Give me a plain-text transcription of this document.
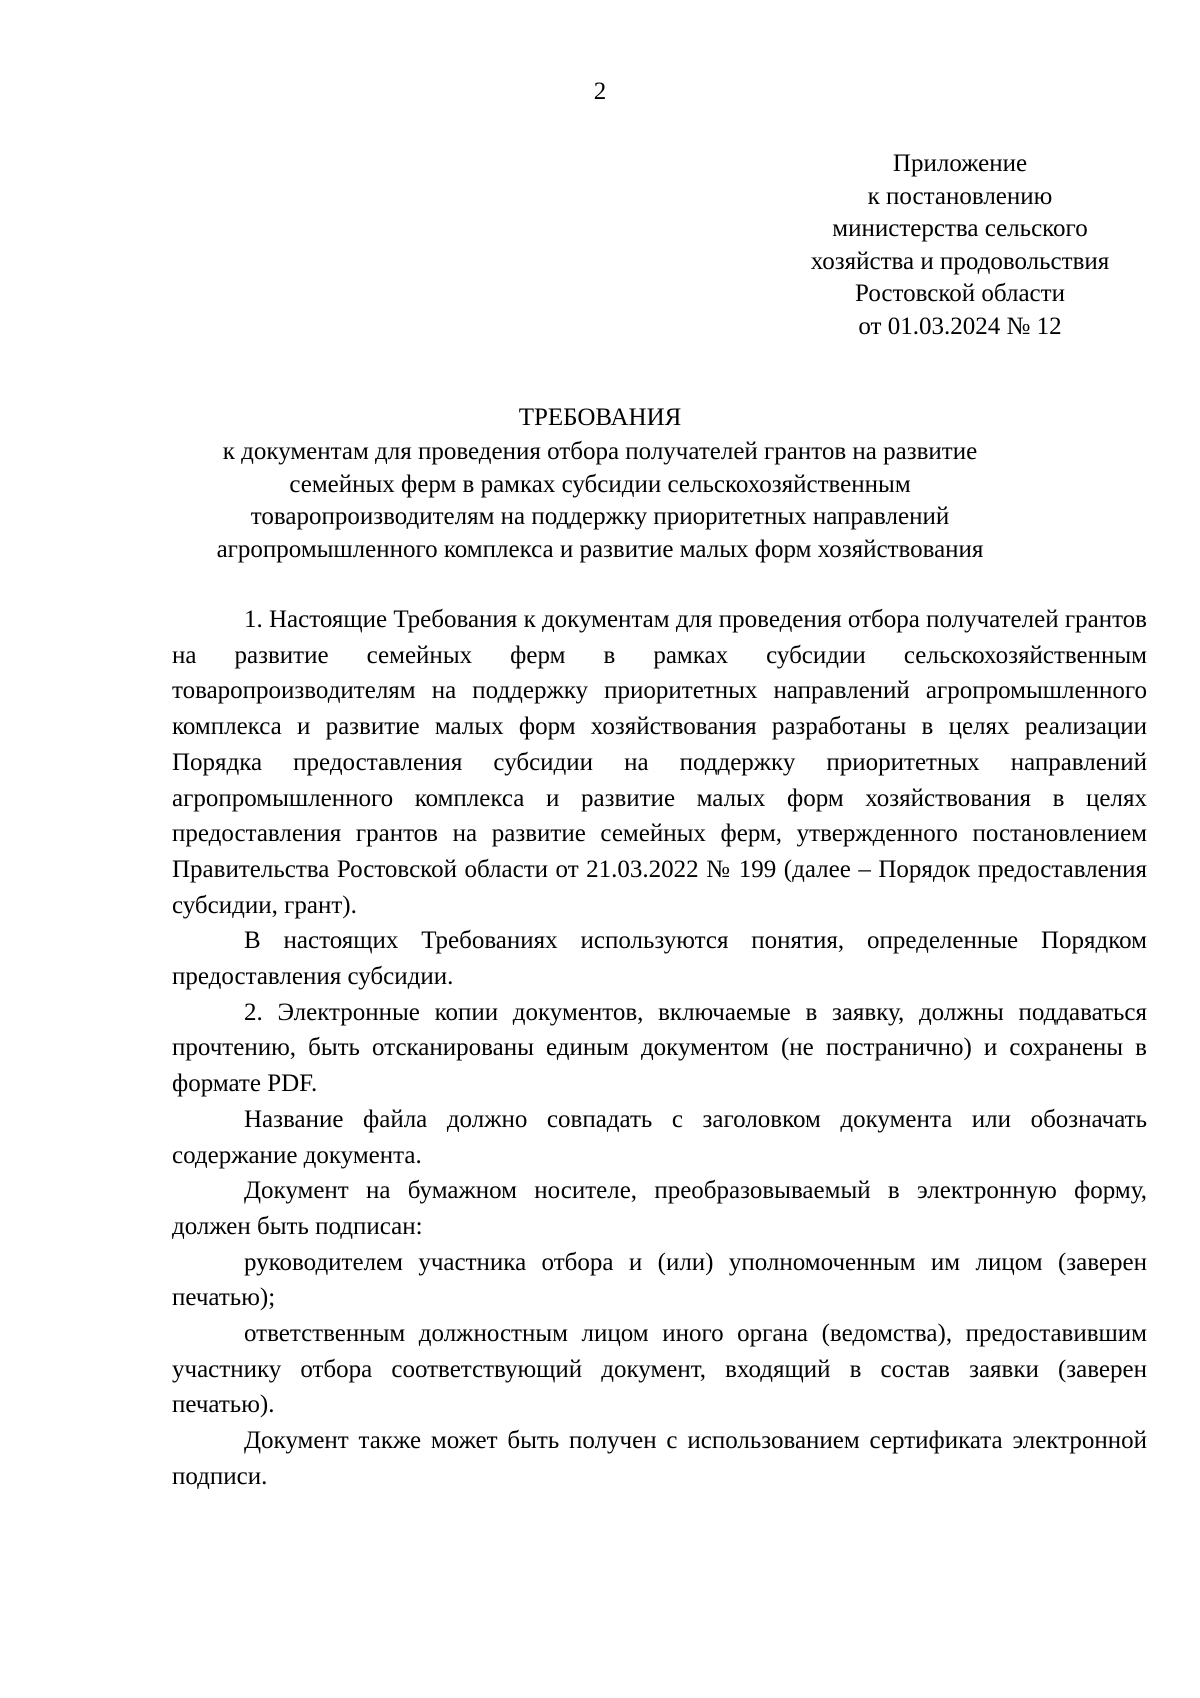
2
Приложение
к постановлению
министерства сельского
хозяйства и продовольствия
Ростовской области
от 01.03.2024 № 12
ТРЕБОВАНИЯ
к документам для проведения отбора получателей грантов на развитие
семейных ферм в рамках субсидии сельскохозяйственным
товаропроизводителям на поддержку приоритетных направлений
агропромышленного комплекса и развитие малых форм хозяйствования

1. Настоящие Требования к документам для проведения отбора получателей грантов на развитие семейных ферм в рамках субсидии сельскохозяйственным товаропроизводителям на поддержку приоритетных направлений агропромышленного комплекса и развитие малых форм хозяйствования разработаны в целях реализации Порядка предоставления субсидии на поддержку приоритетных направлений агропромышленного комплекса и развитие малых форм хозяйствования в целях предоставления грантов на развитие семейных ферм, утвержденного постановлением Правительства Ростовской области от 21.03.2022 № 199 (далее – Порядок предоставления субсидии, грант).

В настоящих Требованиях используются понятия, определенные Порядком предоставления субсидии.

2. Электронные копии документов, включаемые в заявку, должны поддаваться прочтению, быть отсканированы единым документом (не постранично) и сохранены в формате PDF.

Название файла должно совпадать с заголовком документа или обозначать содержание документа.

Документ на бумажном носителе, преобразовываемый в электронную форму, должен быть подписан:

руководителем участника отбора и (или) уполномоченным им лицом (заверен печатью);

ответственным должностным лицом иного органа (ведомства), предоставившим участнику отбора соответствующий документ, входящий в состав заявки (заверен печатью).

Документ также может быть получен с использованием сертификата электронной подписи.
